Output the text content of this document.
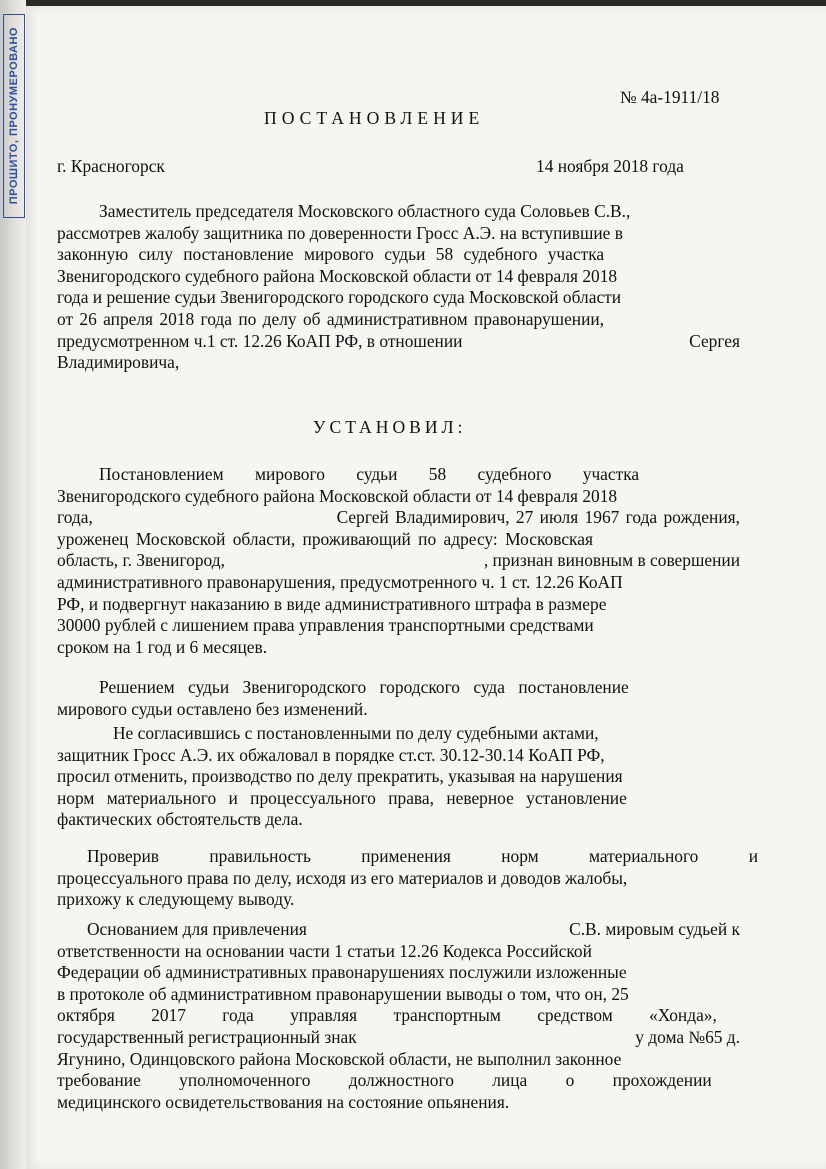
ПРОШИТО, ПРОНУМЕРОВАНО	№ 4а-1911/18
ПОСТАНОВЛЕНИЕ
г. Красногорск	14 ноября 2018 года
Заместитель председателя Московского областного суда Соловьев С.В.,
рассмотрев жалобу защитника по доверенности Гросс А.Э. на вступившие в
законную силу постановление мирового судьи 58 судебного участка
Звенигородского судебного района Московской области от 14 февраля 2018
года и решение судьи Звенигородского городского суда Московской области
от 26 апреля 2018 года по делу об административном правонарушении,
предусмотренном ч.1 ст. 12.26 КоАП РФ, в отношении	Сергея
Владимировича,
УСТАНОВИЛ:
Постановлением мирового судьи 58 судебного участка
Звенигородского судебного района Московской области от 14 февраля 2018
года,	Сергей Владимирович, 27 июля 1967 года рождения,
уроженец Московской области, проживающий по адресу: Московская
область, г. Звенигород,	, признан виновным в совершении
административного правонарушения, предусмотренного ч. 1 ст. 12.26 КоАП
РФ, и подвергнут наказанию в виде административного штрафа в размере
30000 рублей с лишением права управления транспортными средствами
сроком на 1 год и 6 месяцев.
Решением судьи Звенигородского городского суда постановление
мирового судьи оставлено без изменений.
Не согласившись с постановленными по делу судебными актами,
защитник Гросс А.Э. их обжаловал в порядке ст.ст. 30.12-30.14 КоАП РФ,
просил отменить, производство по делу прекратить, указывая на нарушения
норм материального и процессуального права, неверное установление
фактических обстоятельств дела.
Проверив правильность применения норм материального и
процессуального права по делу, исходя из его материалов и доводов жалобы,
прихожу к следующему выводу.
Основанием для привлечения	С.В. мировым судьей к
ответственности на основании части 1 статьи 12.26 Кодекса Российской
Федерации об административных правонарушениях послужили изложенные
в протоколе об административном правонарушении выводы о том, что он, 25
октября 2017 года управляя транспортным средством «Хонда»,
государственный регистрационный знак	у дома №65 д.
Ягунино, Одинцовского района Московской области, не выполнил законное
требование уполномоченного должностного лица о прохождении
медицинского освидетельствования на состояние опьянения.
